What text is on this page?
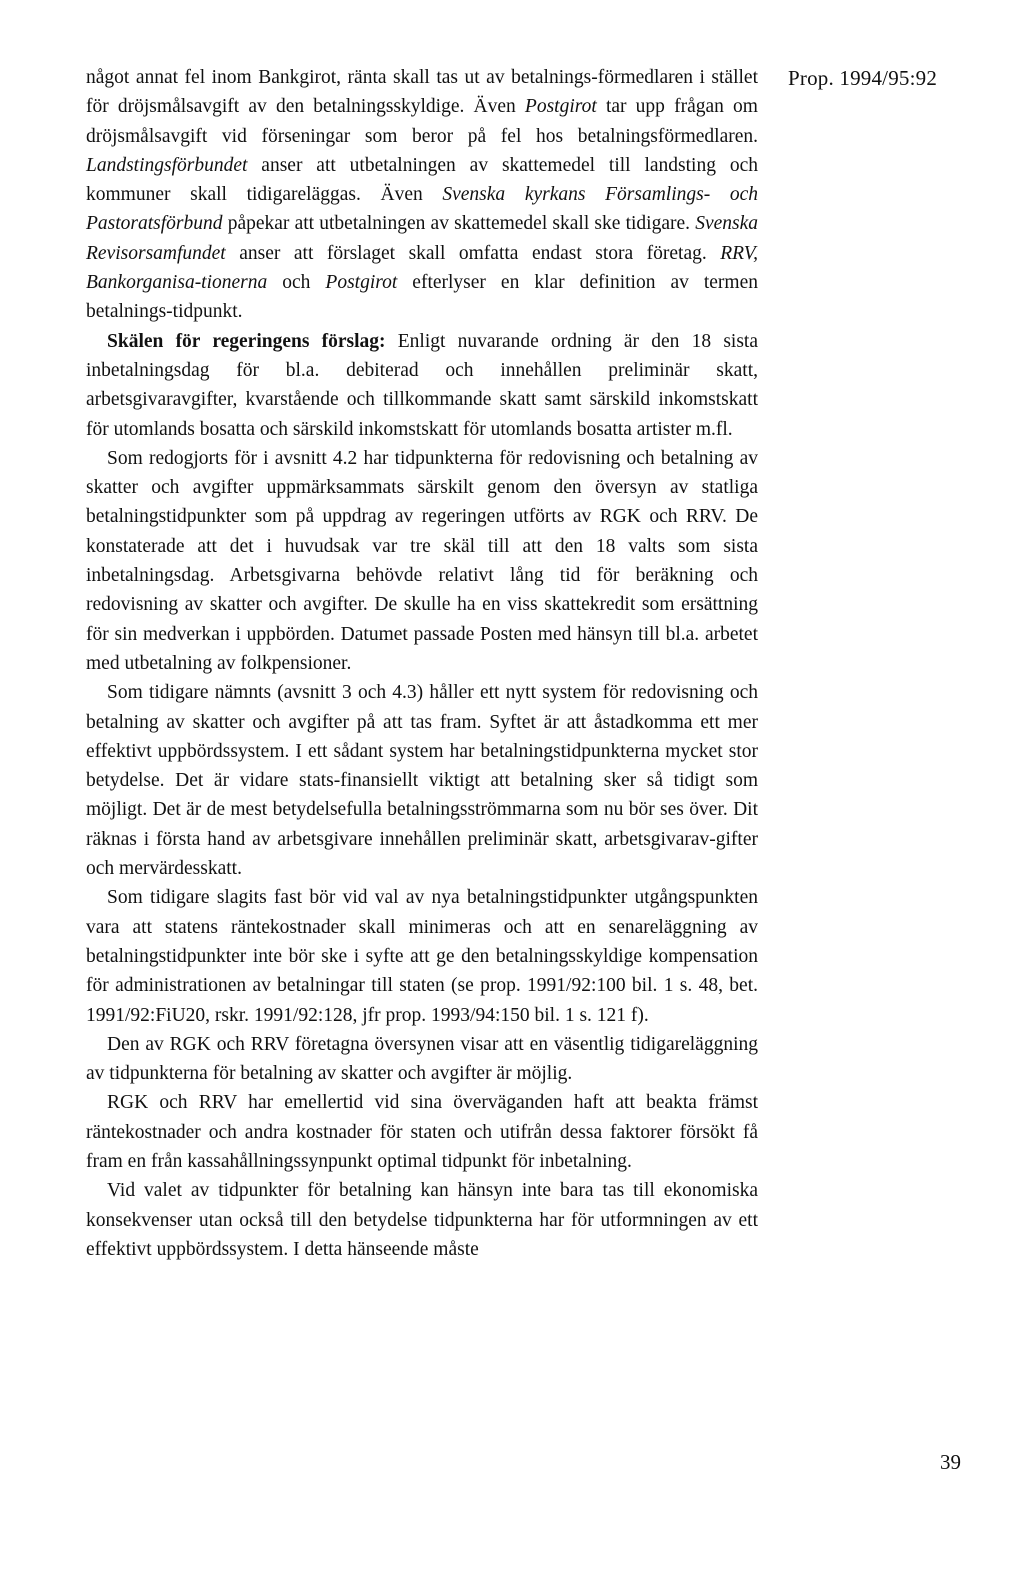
Prop. 1994/95:92

något annat fel inom Bankgirot, ränta skall tas ut av betalnings-förmedlaren i stället för dröjsmålsavgift av den betalningsskyldige. Även Postgirot tar upp frågan om dröjsmålsavgift vid förseningar som beror på fel hos betalningsförmedlaren. Landstingsförbundet anser att utbetalningen av skattemedel till landsting och kommuner skall tidigareläggas. Även Svenska kyrkans Församlings- och Pastoratsförbund påpekar att utbetalningen av skattemedel skall ske tidigare. Svenska Revisorsamfundet anser att förslaget skall omfatta endast stora företag. RRV, Bankorganisa-tionerna och Postgirot efterlyser en klar definition av termen betalnings-tidpunkt.

Skälen för regeringens förslag: Enligt nuvarande ordning är den 18 sista inbetalningsdag för bl.a. debiterad och innehållen preliminär skatt, arbetsgivaravgifter, kvarstående och tillkommande skatt samt särskild inkomstskatt för utomlands bosatta och särskild inkomstskatt för utomlands bosatta artister m.fl.

Som redogjorts för i avsnitt 4.2 har tidpunkterna för redovisning och betalning av skatter och avgifter uppmärksammats särskilt genom den översyn av statliga betalningstidpunkter som på uppdrag av regeringen utförts av RGK och RRV. De konstaterade att det i huvudsak var tre skäl till att den 18 valts som sista inbetalningsdag. Arbetsgivarna behövde relativt lång tid för beräkning och redovisning av skatter och avgifter. De skulle ha en viss skattekredit som ersättning för sin medverkan i uppbörden. Datumet passade Posten med hänsyn till bl.a. arbetet med utbetalning av folkpensioner.

Som tidigare nämnts (avsnitt 3 och 4.3) håller ett nytt system för redovisning och betalning av skatter och avgifter på att tas fram. Syftet är att åstadkomma ett mer effektivt uppbördssystem. I ett sådant system har betalningstidpunkterna mycket stor betydelse. Det är vidare stats-finansiellt viktigt att betalning sker så tidigt som möjligt. Det är de mest betydelsefulla betalningsströmmarna som nu bör ses över. Dit räknas i första hand av arbetsgivare innehållen preliminär skatt, arbetsgivarav-gifter och mervärdesskatt.

Som tidigare slagits fast bör vid val av nya betalningstidpunkter utgångspunkten vara att statens räntekostnader skall minimeras och att en senareläggning av betalningstidpunkter inte bör ske i syfte att ge den betalningsskyldige kompensation för administrationen av betalningar till staten (se prop. 1991/92:100 bil. 1 s. 48, bet. 1991/92:FiU20, rskr. 1991/92:128, jfr prop. 1993/94:150 bil. 1 s. 121 f).

Den av RGK och RRV företagna översynen visar att en väsentlig tidigareläggning av tidpunkterna för betalning av skatter och avgifter är möjlig.

RGK och RRV har emellertid vid sina överväganden haft att beakta främst räntekostnader och andra kostnader för staten och utifrån dessa faktorer försökt få fram en från kassahållningssynpunkt optimal tidpunkt för inbetalning.

Vid valet av tidpunkter för betalning kan hänsyn inte bara tas till ekonomiska konsekvenser utan också till den betydelse tidpunkterna har för utformningen av ett effektivt uppbördssystem. I detta hänseende måste

39
